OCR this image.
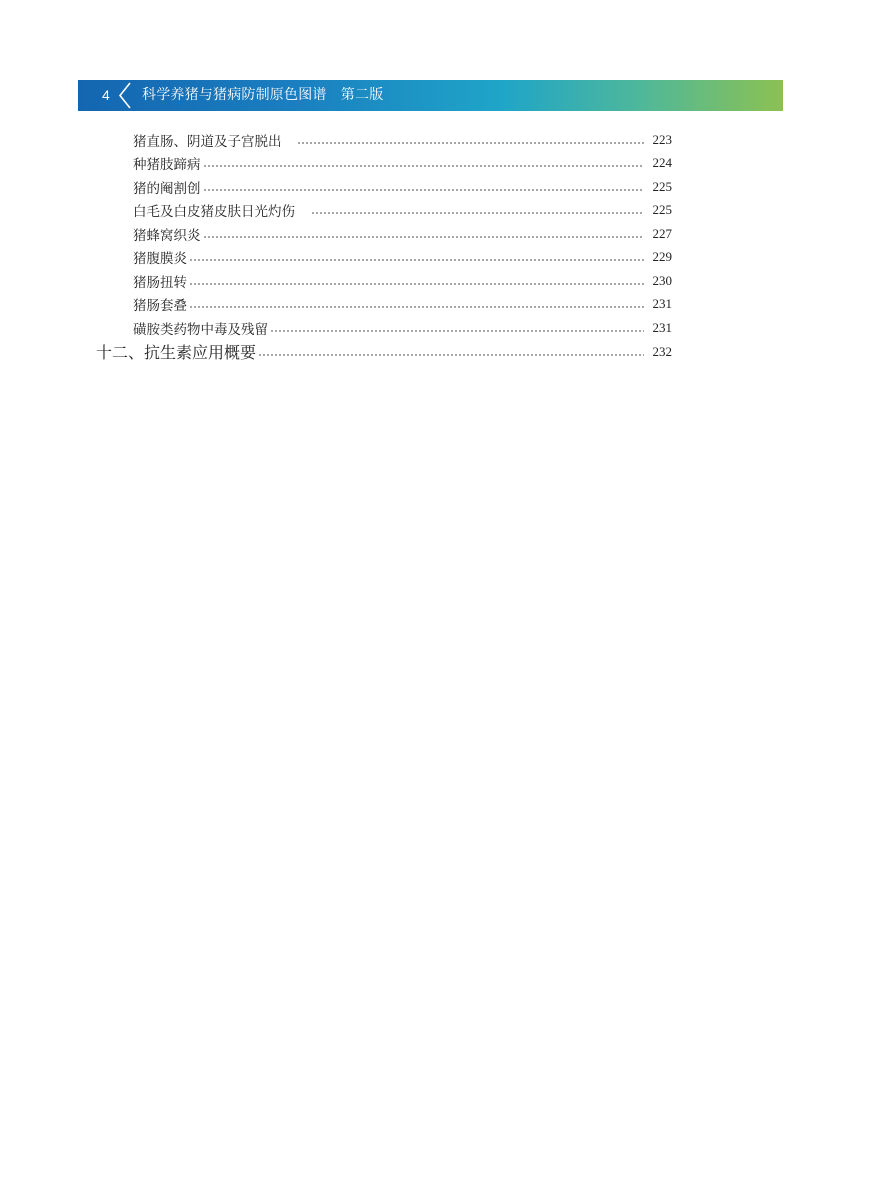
4 科学养猪与猪病防制原色图谱　第二版
猪直肠、阴道及子宫脱出　	223
种猪肢蹄病	224
猪的阉割创	225
白毛及白皮猪皮肤日光灼伤　	225
猪蜂窝织炎	227
猪腹膜炎	229
猪肠扭转	230
猪肠套叠	231
磺胺类药物中毒及残留	231
十二、抗生素应用概要	232
